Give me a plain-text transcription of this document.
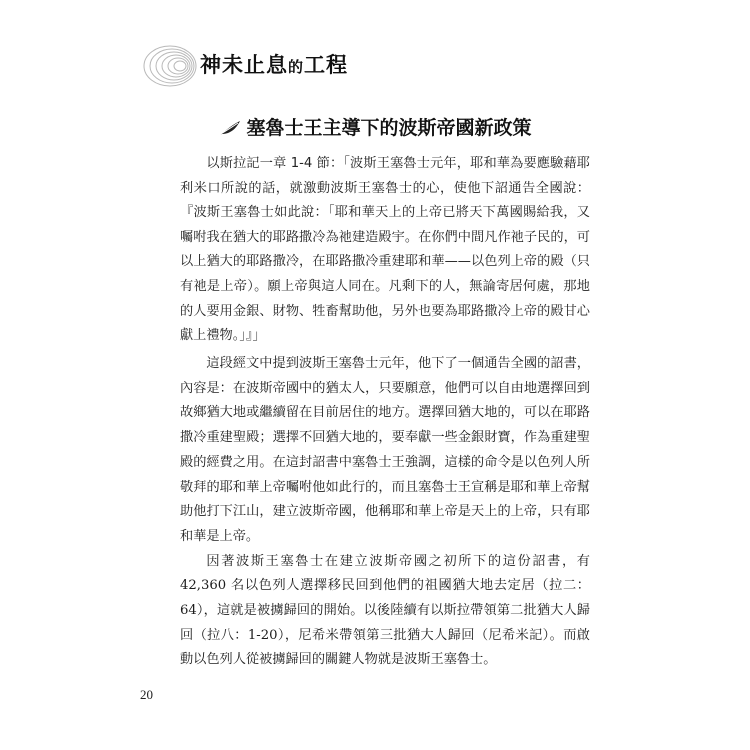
神未止息的工程
塞魯士王主導下的波斯帝國新政策

以斯拉記一章 1-4 節：「波斯王塞魯士元年，耶和華為要應驗藉耶利米口所說的話，就激動波斯王塞魯士的心，使他下詔通告全國說：『波斯王塞魯士如此說：「耶和華天上的上帝已將天下萬國賜給我，又囑咐我在猶大的耶路撒冷為祂建造殿宇。在你們中間凡作祂子民的，可以上猶大的耶路撒冷，在耶路撒冷重建耶和華——以色列上帝的殿（只有祂是上帝）。願上帝與這人同在。凡剩下的人，無論寄居何處，那地的人要用金銀、財物、牲畜幫助他，另外也要為耶路撒冷上帝的殿甘心獻上禮物。」』」

這段經文中提到波斯王塞魯士元年，他下了一個通告全國的詔書，內容是：在波斯帝國中的猶太人，只要願意，他們可以自由地選擇回到故鄉猶大地或繼續留在目前居住的地方。選擇回猶大地的，可以在耶路撒冷重建聖殿；選擇不回猶大地的，要奉獻一些金銀財寶，作為重建聖殿的經費之用。在這封詔書中塞魯士王強調，這樣的命令是以色列人所敬拜的耶和華上帝囑咐他如此行的，而且塞魯士王宣稱是耶和華上帝幫助他打下江山，建立波斯帝國，他稱耶和華上帝是天上的上帝，只有耶和華是上帝。

因著波斯王塞魯士在建立波斯帝國之初所下的這份詔書，有 42,360 名以色列人選擇移民回到他們的祖國猶大地去定居（拉二：64），這就是被擄歸回的開始。以後陸續有以斯拉帶領第二批猶大人歸回（拉八：1-20），尼希米帶領第三批猶大人歸回（尼希米記）。而啟動以色列人從被擄歸回的關鍵人物就是波斯王塞魯士。

20
